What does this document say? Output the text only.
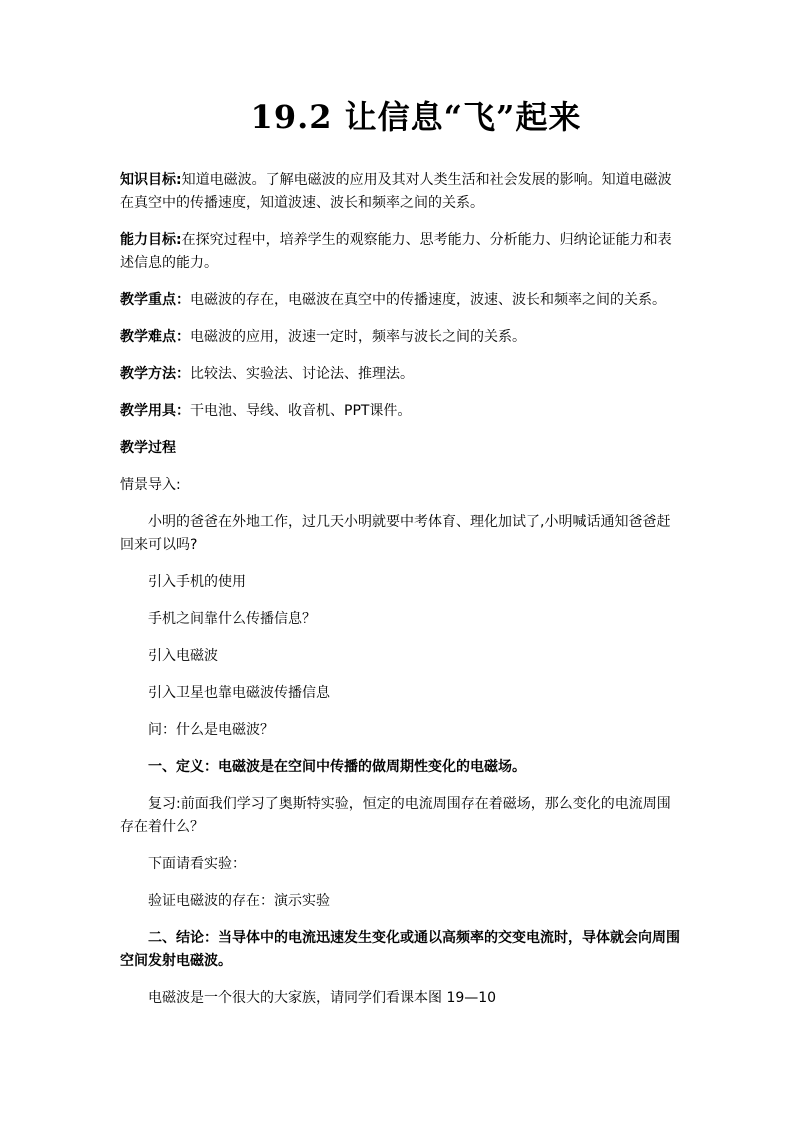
19.2 让信息“飞”起来

知识目标:知道电磁波。了解电磁波的应用及其对人类生活和社会发展的影响。知道电磁波在真空中的传播速度，知道波速、波长和频率之间的关系。

能力目标:在探究过程中，培养学生的观察能力、思考能力、分析能力、归纳论证能力和表述信息的能力。

教学重点：电磁波的存在，电磁波在真空中的传播速度，波速、波长和频率之间的关系。

教学难点：电磁波的应用，波速一定时，频率与波长之间的关系。

教学方法：比较法、实验法、讨论法、推理法。

教学用具：干电池、导线、收音机、PPT课件。

教学过程

情景导入:

小明的爸爸在外地工作，过几天小明就要中考体育、理化加试了,小明喊话通知爸爸赶回来可以吗?

引入手机的使用

手机之间靠什么传播信息？

引入电磁波

引入卫星也靠电磁波传播信息

问：什么是电磁波？

一、定义：电磁波是在空间中传播的做周期性变化的电磁场。

复习:前面我们学习了奥斯特实验，恒定的电流周围存在着磁场，那么变化的电流周围存在着什么？

下面请看实验：

验证电磁波的存在：演示实验

二、结论：当导体中的电流迅速发生变化或通以高频率的交变电流时，导体就会向周围空间发射电磁波。

电磁波是一个很大的大家族，请同学们看课本图 19—10
